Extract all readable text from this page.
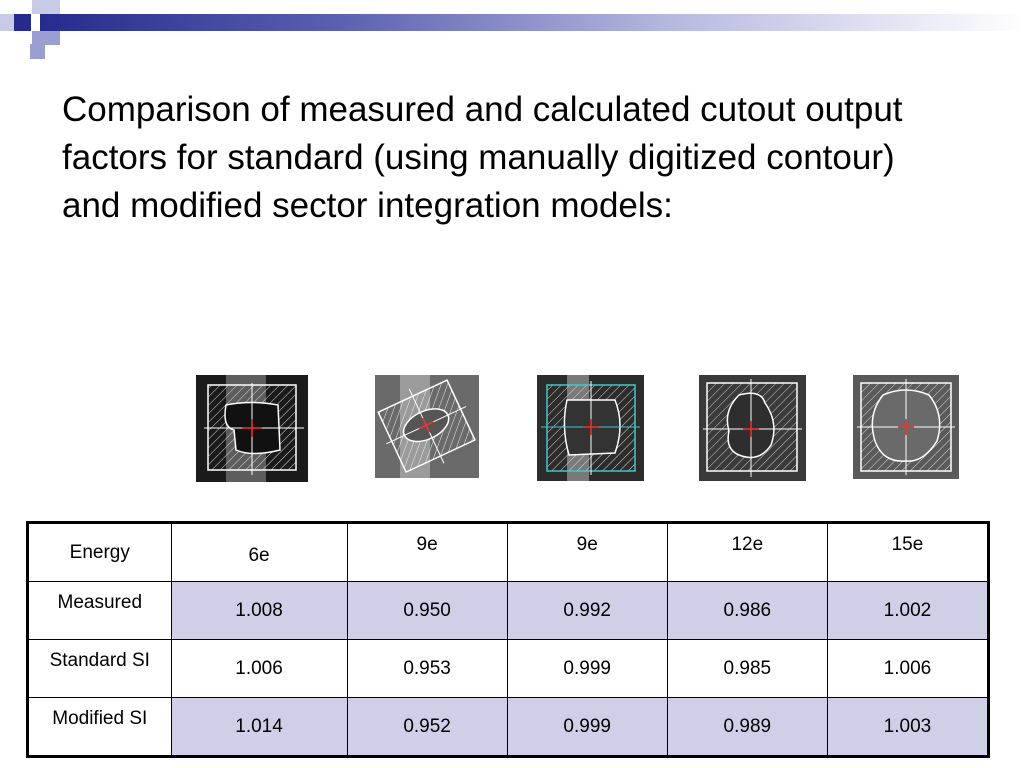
Comparison of measured and calculated cutout output factors for standard (using manually digitized contour) and modified sector integration models:
Energy	6e	9e	9e	12e	15e
Measured	1.008	0.950	0.992	0.986	1.002
Standard SI	1.006	0.953	0.999	0.985	1.006
Modified SI	1.014	0.952	0.999	0.989	1.003
